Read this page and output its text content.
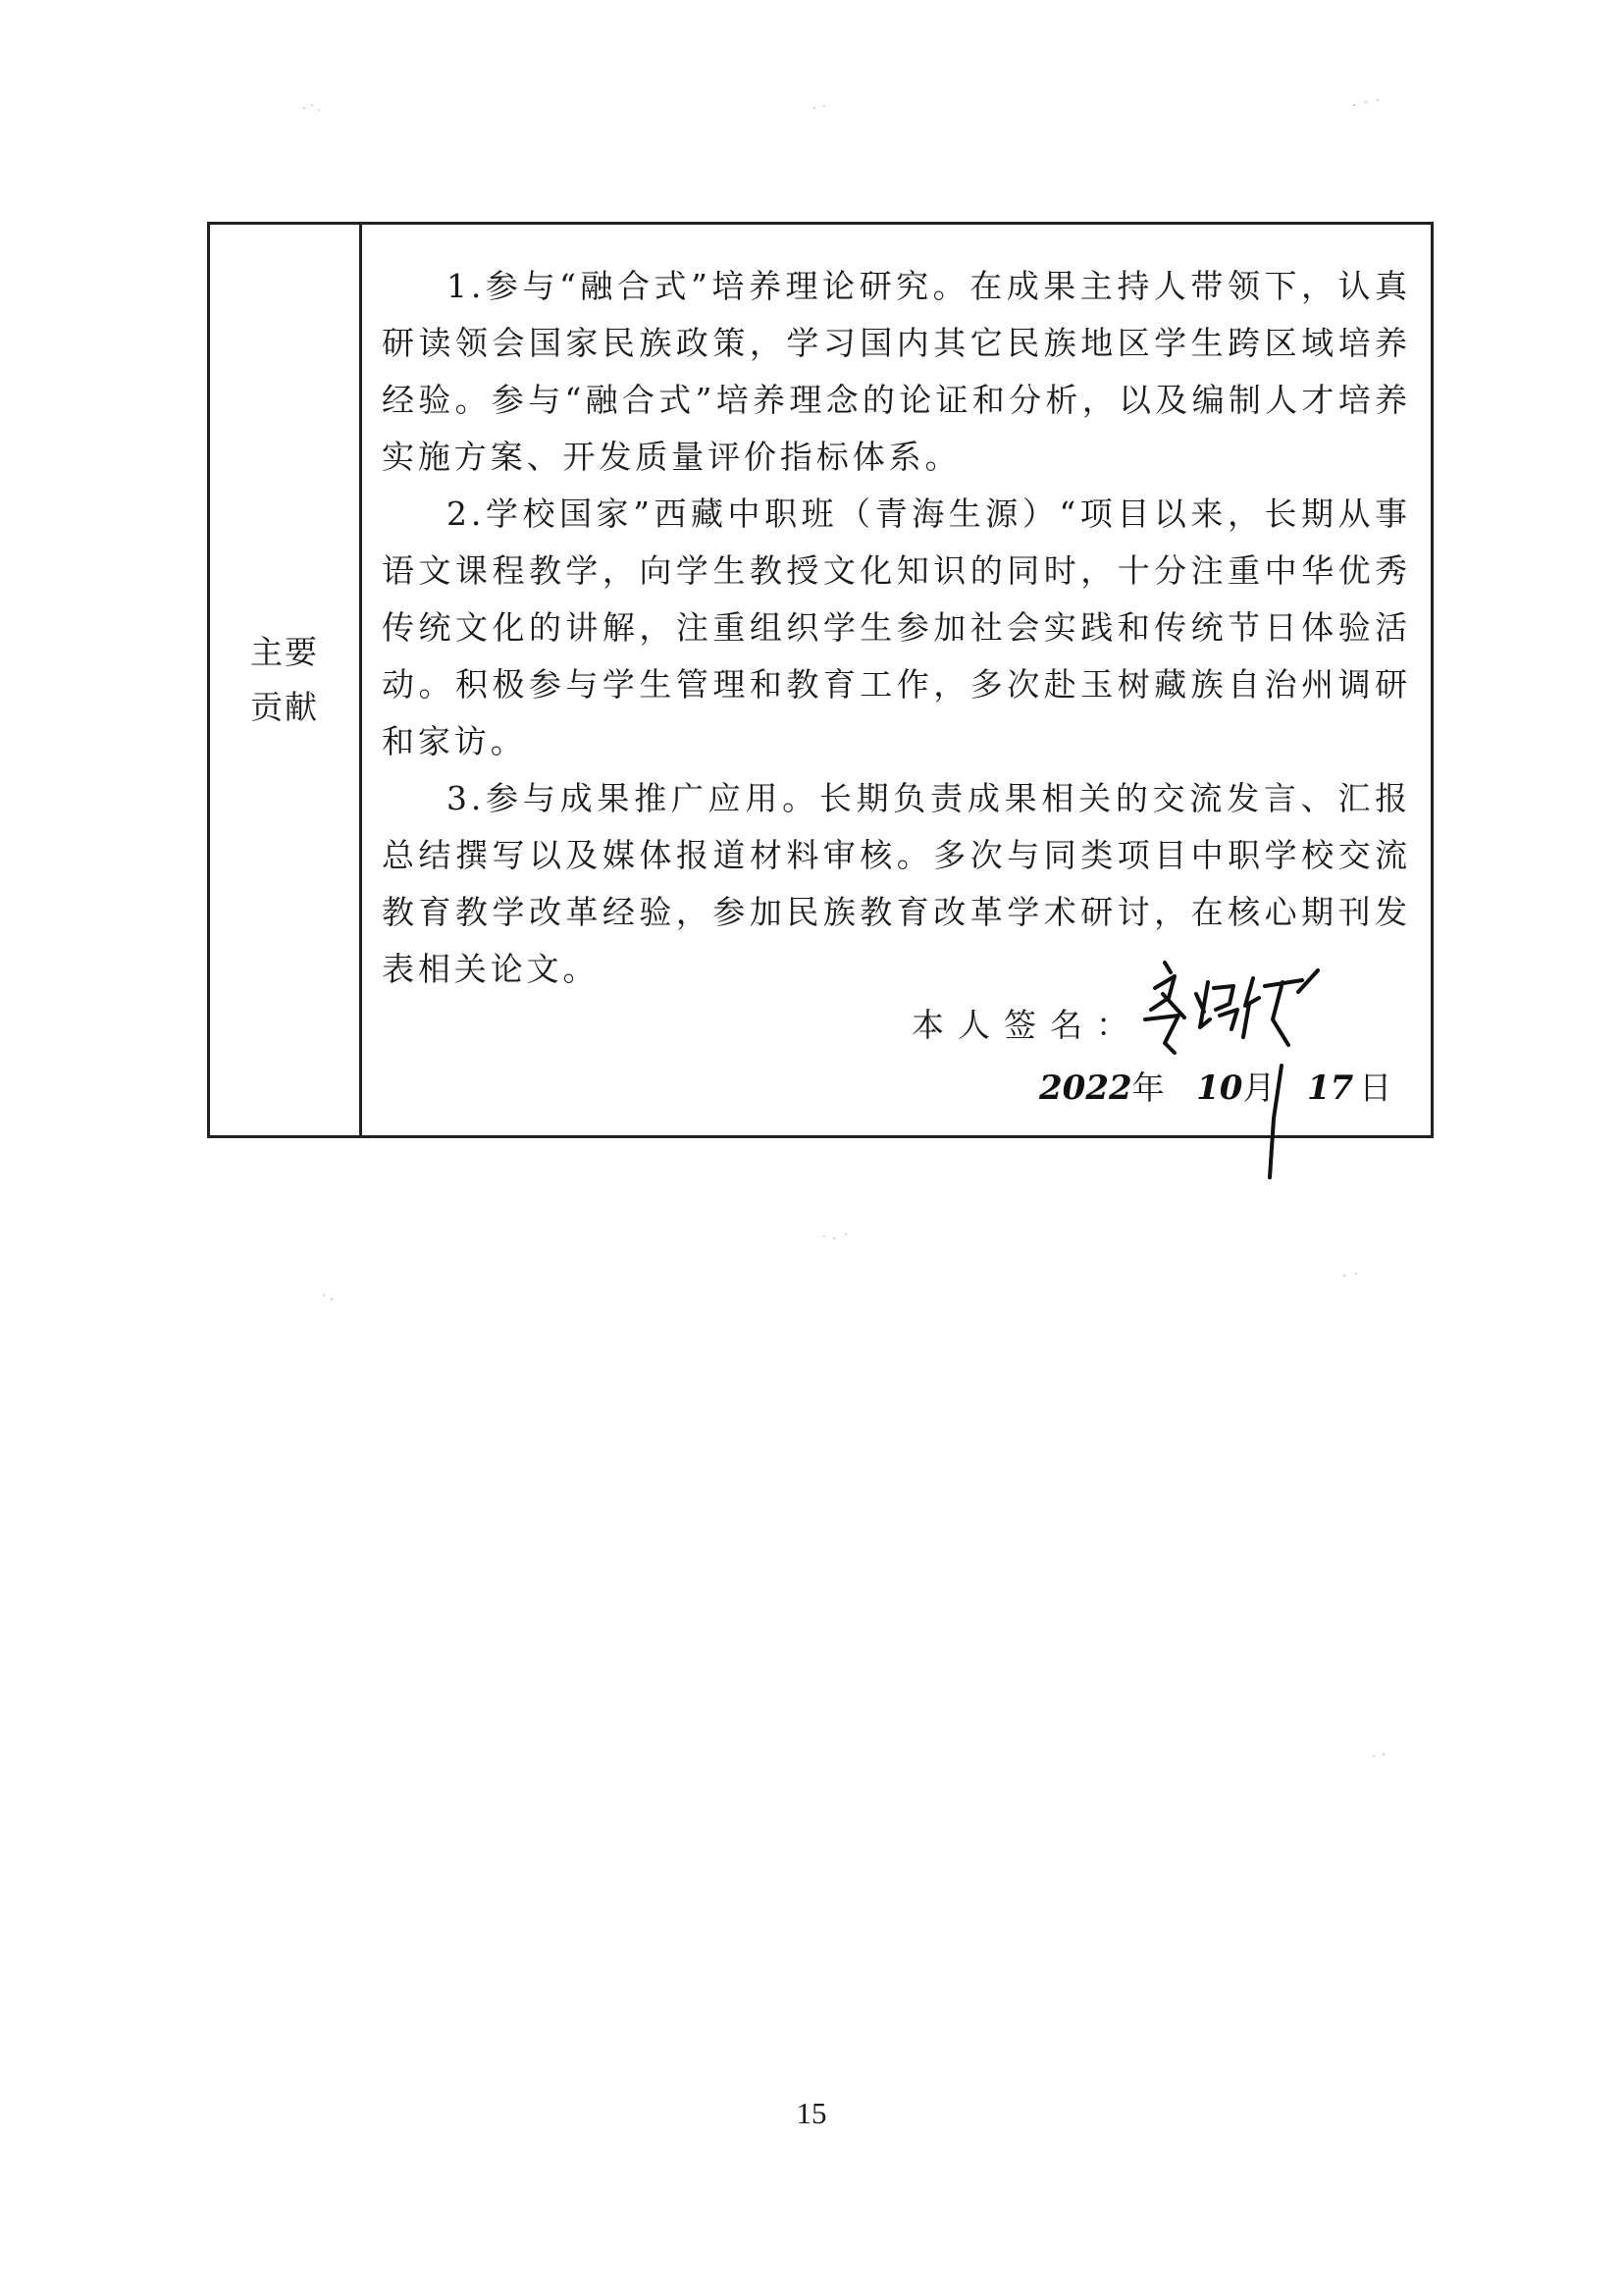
主要贡献

1.参与“融合式”培养理论研究。在成果主持人带领下，认真研读领会国家民族政策，学习国内其它民族地区学生跨区域培养经验。参与“融合式”培养理念的论证和分析，以及编制人才培养实施方案、开发质量评价指标体系。

2.学校国家”西藏中职班（青海生源）“项目以来，长期从事语文课程教学，向学生教授文化知识的同时，十分注重中华优秀传统文化的讲解，注重组织学生参加社会实践和传统节日体验活动。积极参与学生管理和教育工作，多次赴玉树藏族自治州调研和家访。

3.参与成果推广应用。长期负责成果相关的交流发言、汇报总结撰写以及媒体报道材料审核。多次与同类项目中职学校交流教育教学改革经验，参加民族教育改革学术研讨，在核心期刊发表相关论文。

本人签名：
2022年 10月 17 日
15
